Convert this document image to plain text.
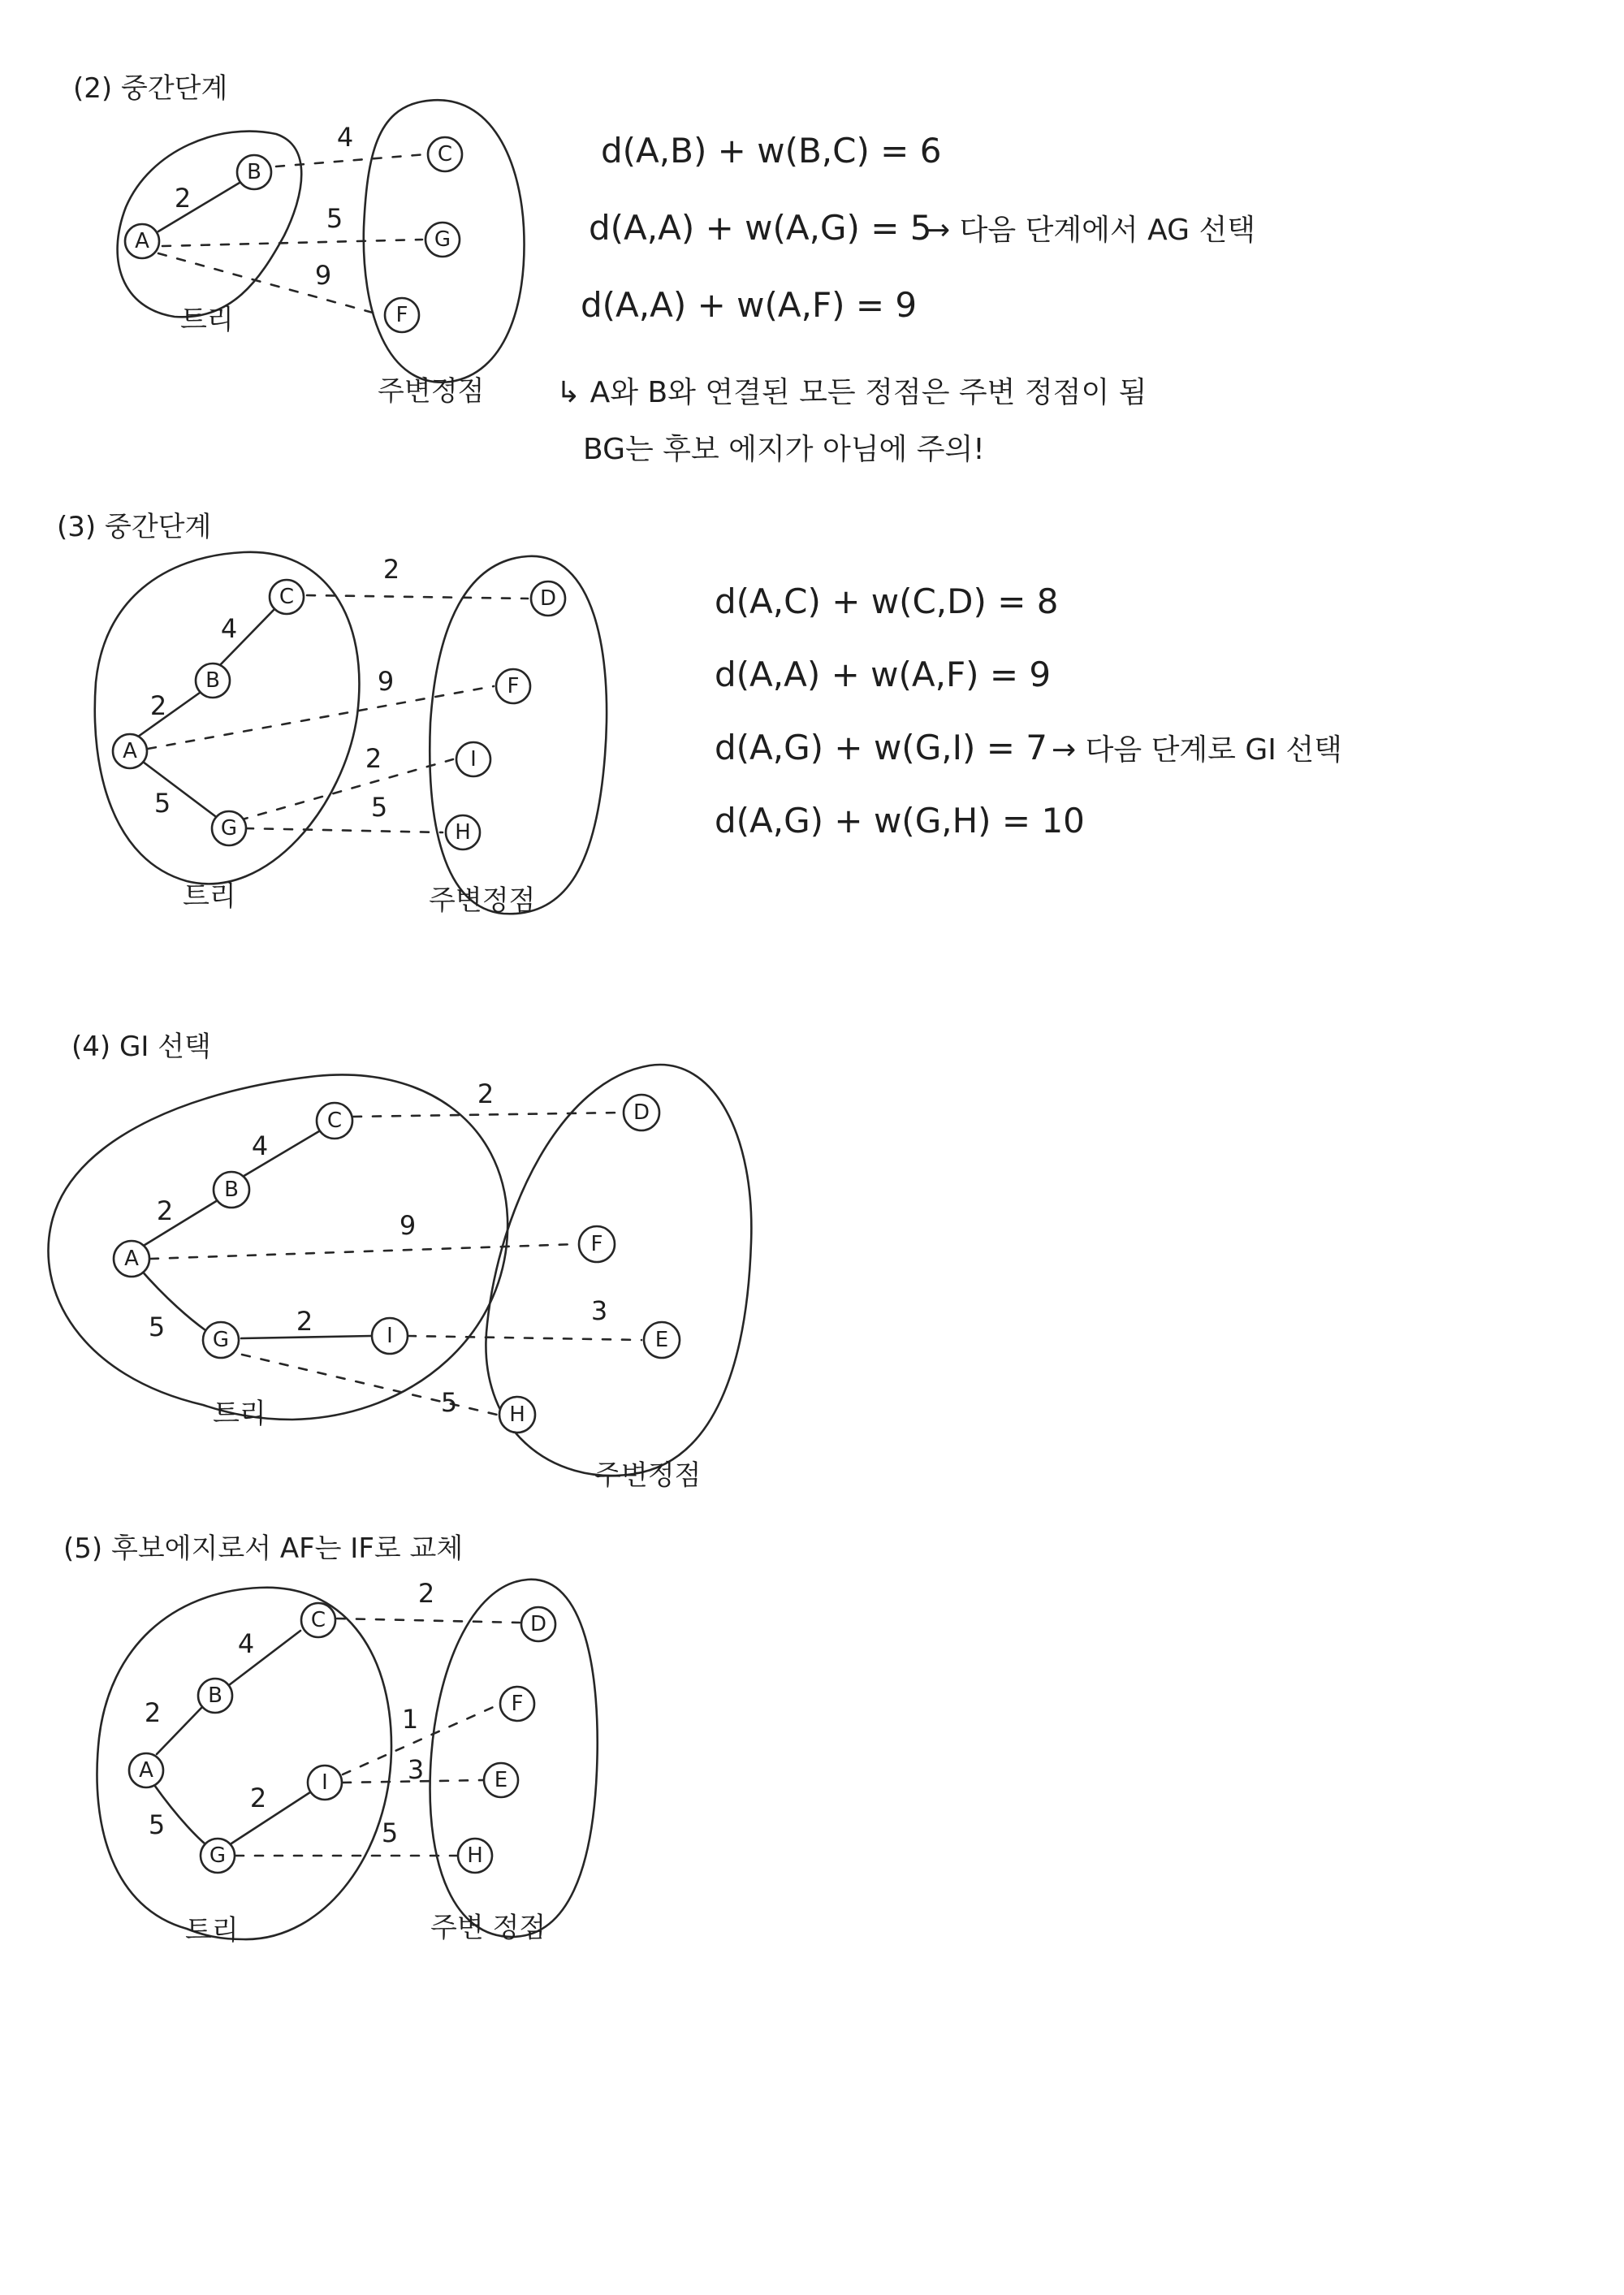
(2) 중간단계
2
4
5
9
A
B
C
G
F
트리
주변정점
d(A,B) + w(B,C) = 6
d(A,A) + w(A,G) = 5
d(A,A) + w(A,F) = 9
→ 다음 단계에서 AG 선택
↳ A와 B와 연결된 모든 정점은 주변 정점이 됨
BG는 후보 에지가 아님에 주의!
(3) 중간단계
2
4
5
2
9
2
5
A
B
C
G
D
F
I
H
트리	주변정점
d(A,C) + w(C,D) = 8
d(A,A) + w(A,F) = 9
d(A,G) + w(G,I) = 7
d(A,G) + w(G,H) = 10
→ 다음 단계로 GI 선택
(4) GI 선택
2
4
5	2
2
9
3
5
A
B
C
G	I
D
F
E
H
트리
주변정점
(5) 후보에지로서 AF는 IF로 교체
2
4
5
2
2
1
3
5
A
B
C
G
I
D
F
E
H
트리	주변 정점
